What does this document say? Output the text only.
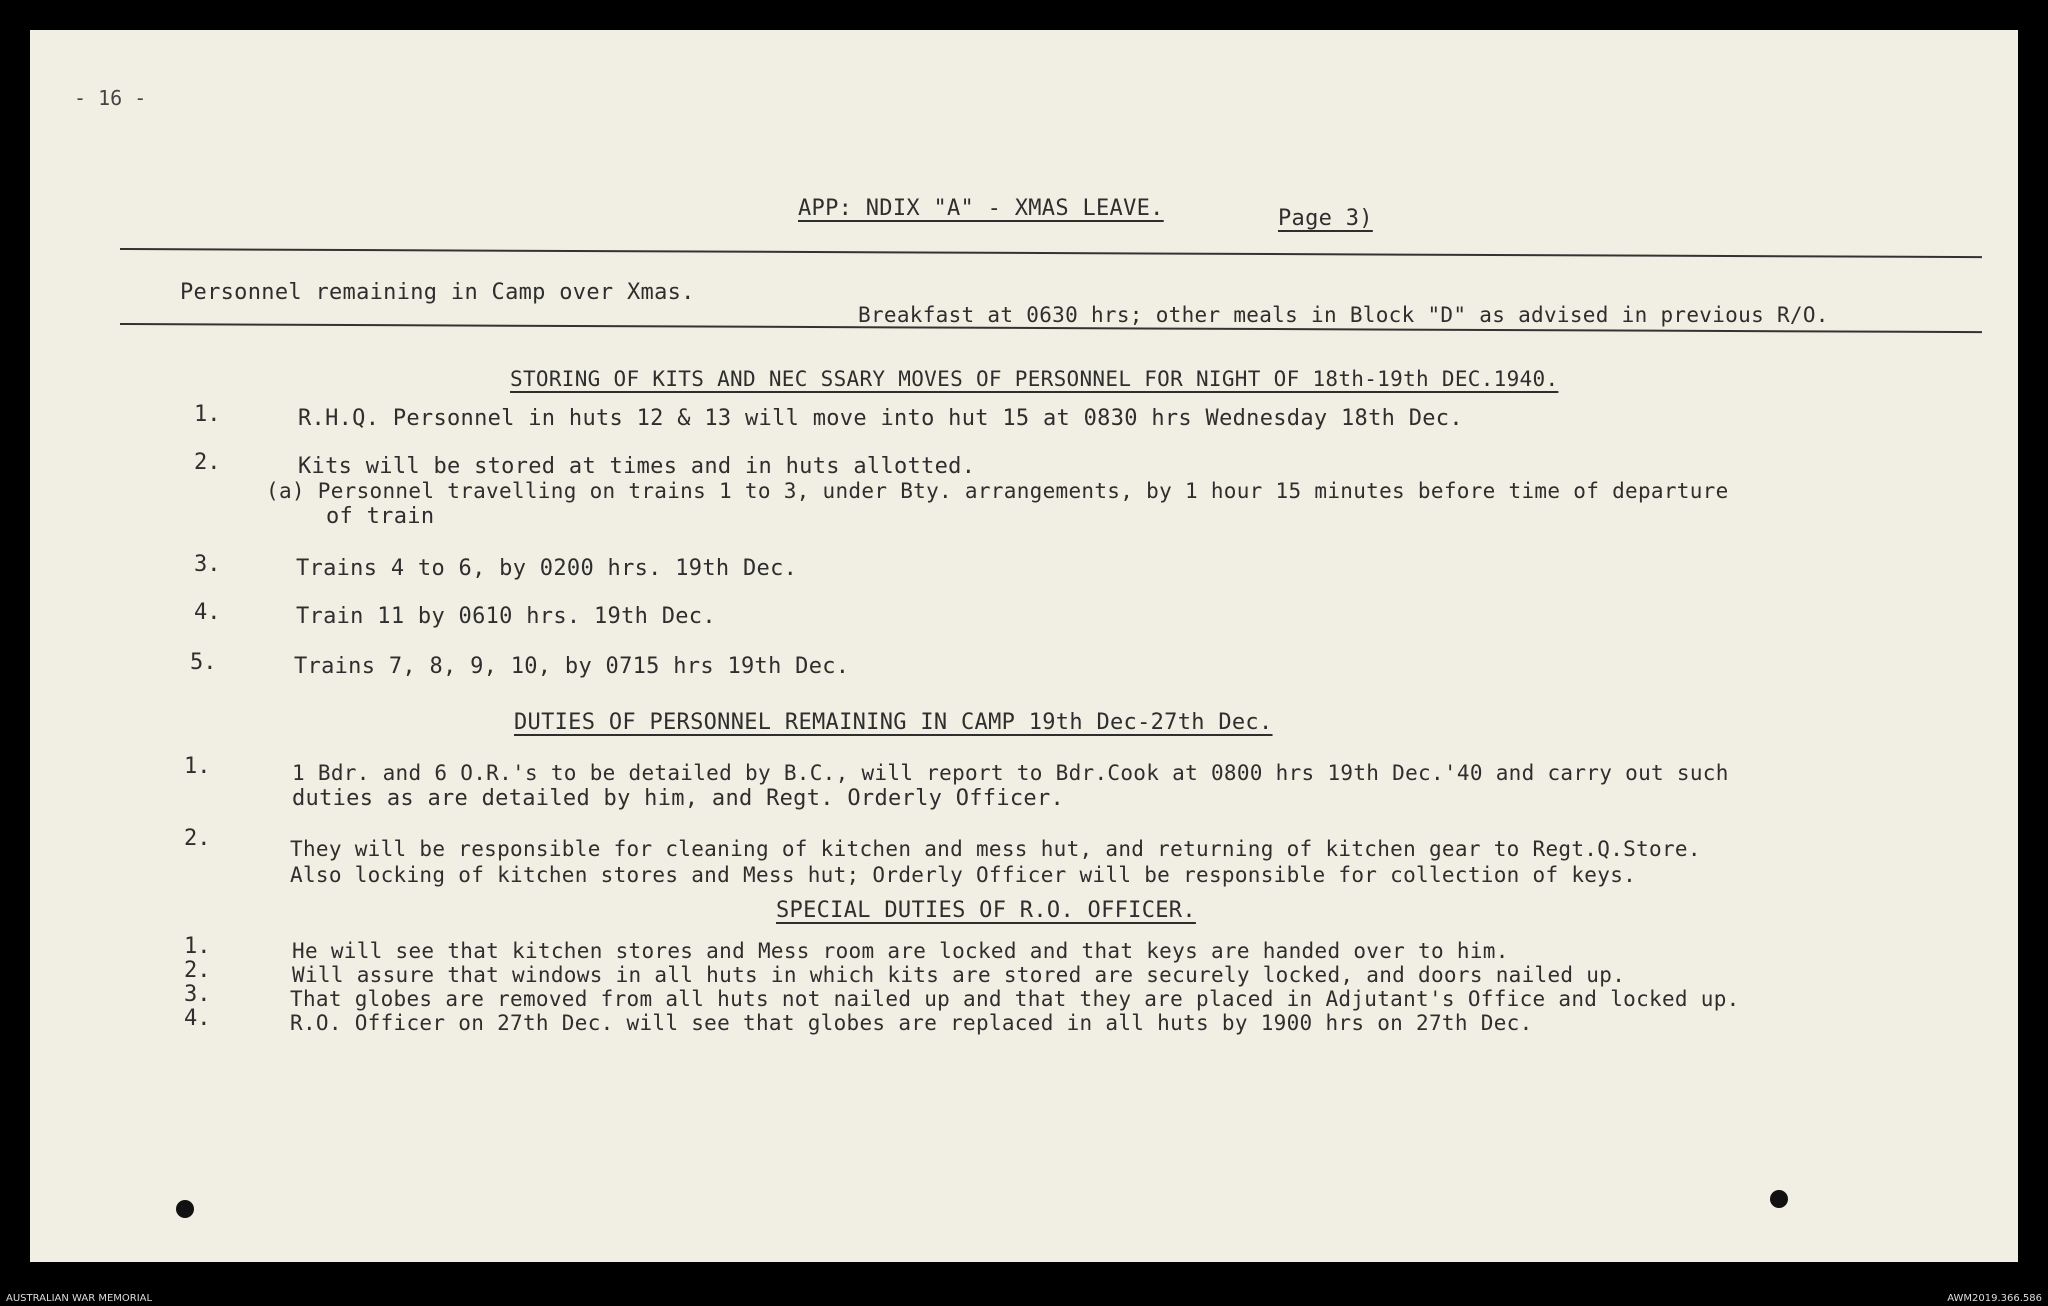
- 16 -
APP: NDIX "A" - XMAS LEAVE.	Page 3)
Personnel remaining in Camp over Xmas.
Breakfast at 0630 hrs; other meals in Block "D" as advised in previous R/O.
STORING OF KITS AND NEC SSARY MOVES OF PERSONNEL FOR NIGHT OF 18th-19th DEC.1940.
1.	R.H.Q. Personnel in huts 12 & 13 will move into hut 15 at 0830 hrs Wednesday 18th Dec.
2.	Kits will be stored at times and in huts allotted.
(a) Personnel travelling on trains 1 to 3, under Bty. arrangements, by 1 hour 15 minutes before time of departure
of train
3.	Trains 4 to 6, by 0200 hrs. 19th Dec.
4.	Train 11 by 0610 hrs. 19th Dec.
5.	Trains 7, 8, 9, 10, by 0715 hrs 19th Dec.
DUTIES OF PERSONNEL REMAINING IN CAMP 19th Dec-27th Dec.
1.	1 Bdr. and 6 O.R.'s to be detailed by B.C., will report to Bdr.Cook at 0800 hrs 19th Dec.'40 and carry out such
duties as are detailed by him, and Regt. Orderly Officer.
2.	They will be responsible for cleaning of kitchen and mess hut, and returning of kitchen gear to Regt.Q.Store.
Also locking of kitchen stores and Mess hut; Orderly Officer will be responsible for collection of keys.
SPECIAL DUTIES OF R.O. OFFICER.
1.	He will see that kitchen stores and Mess room are locked and that keys are handed over to him.
2.	Will assure that windows in all huts in which kits are stored are securely locked, and doors nailed up.
3.	That globes are removed from all huts not nailed up and that they are placed in Adjutant's Office and locked up.
4.	R.O. Officer on 27th Dec. will see that globes are replaced in all huts by 1900 hrs on 27th Dec.
AUSTRALIAN WAR MEMORIAL	AWM2019.366.586
